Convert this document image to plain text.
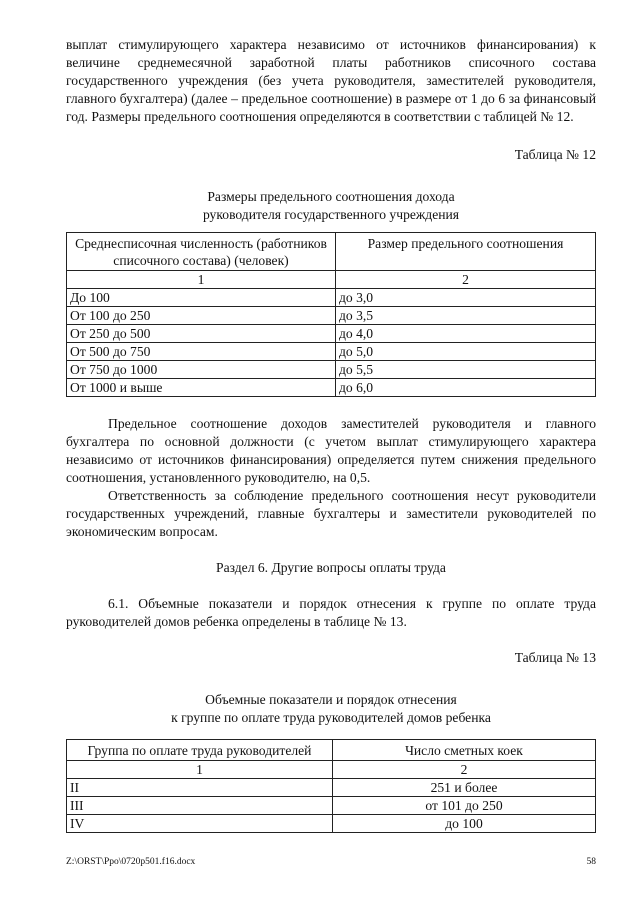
выплат стимулирующего характера независимо от источников финансирования) к величине среднемесячной заработной платы работников списочного состава государственного учреждения (без учета руководителя, заместителей руководителя, главного бухгалтера) (далее – предельное соотношение) в размере от 1 до 6 за финансовый год. Размеры предельного соотношения определяются в соответствии с таблицей № 12.

Таблица № 12

Размеры предельного соотношения дохода

руководителя государственного учреждения

Среднесписочная численность (работников списочного состава) (человек)	Размер предельного соотношения
1	2
До 100	до 3,0
От 100 до 250	до 3,5
От 250 до 500	до 4,0
От 500 до 750	до 5,0
От 750 до 1000	до 5,5
От 1000 и выше	до 6,0

Предельное соотношение доходов заместителей руководителя и главного бухгалтера по основной должности (с учетом выплат стимулирующего характера независимо от источников финансирования) определяется путем снижения предельного соотношения, установленного руководителю, на 0,5.

Ответственность за соблюдение предельного соотношения несут руководители государственных учреждений, главные бухгалтеры и заместители руководителей по экономическим вопросам.

Раздел 6. Другие вопросы оплаты труда

6.1. Объемные показатели и порядок отнесения к группе по оплате труда руководителей домов ребенка определены в таблице № 13.

Таблица № 13

Объемные показатели и порядок отнесения

к группе по оплате труда руководителей домов ребенка

Группа по оплате труда руководителей	Число сметных коек
1	2
II	251 и более
III	от 101 до 250
IV	до 100
Z:\ORST\Ppo\0720p501.f16.docx	58
